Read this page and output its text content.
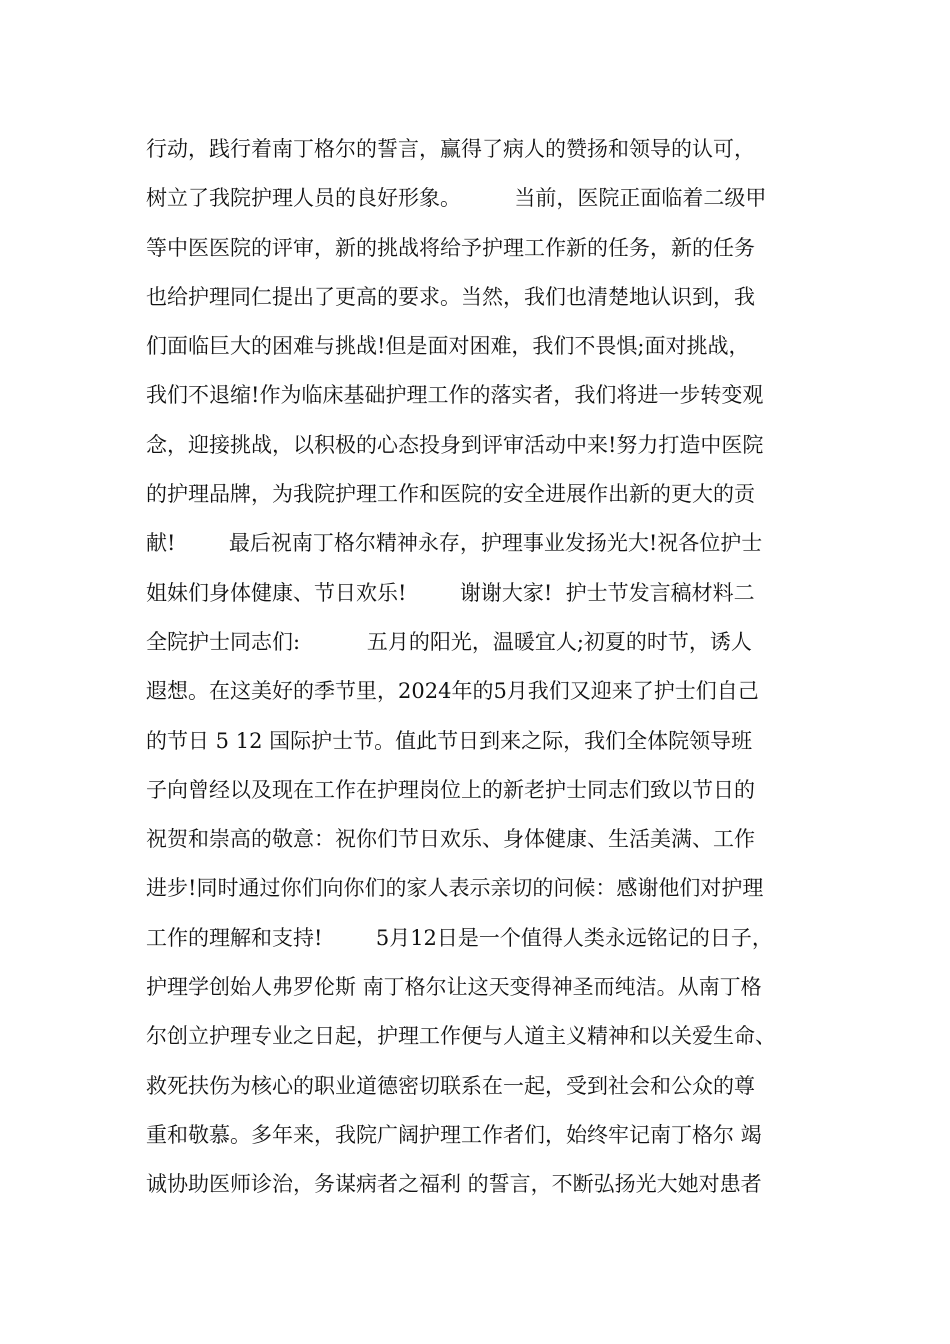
行动，践行着南丁格尔的誓言，赢得了病人的赞扬和领导的认可，
树立了我院护理人员的良好形象。        当前，医院正面临着二级甲
等中医医院的评审，新的挑战将给予护理工作新的任务，新的任务
也给护理同仁提出了更高的要求。当然，我们也清楚地认识到，我
们面临巨大的困难与挑战!但是面对困难，我们不畏惧;面对挑战，
我们不退缩!作为临床基础护理工作的落实者，我们将进一步转变观
念，迎接挑战，以积极的心态投身到评审活动中来!努力打造中医院
的护理品牌，为我院护理工作和医院的安全进展作出新的更大的贡
献!        最后祝南丁格尔精神永存，护理事业发扬光大!祝各位护士
姐妹们身体健康、节日欢乐!        谢谢大家!  护士节发言稿材料二
全院护士同志们:          五月的阳光，温暖宜人;初夏的时节，诱人
遐想。在这美好的季节里，2024年的5月我们又迎来了护士们自己
的节日 5 12 国际护士节。值此节日到来之际，我们全体院领导班
子向曾经以及现在工作在护理岗位上的新老护士同志们致以节日的
祝贺和崇高的敬意：祝你们节日欢乐、身体健康、生活美满、工作
进步!同时通过你们向你们的家人表示亲切的问候：感谢他们对护理
工作的理解和支持!        5月12日是一个值得人类永远铭记的日子，
护理学创始人弗罗伦斯 南丁格尔让这天变得神圣而纯洁。从南丁格
尔创立护理专业之日起，护理工作便与人道主义精神和以关爱生命、
救死扶伤为核心的职业道德密切联系在一起，受到社会和公众的尊
重和敬慕。多年来，我院广阔护理工作者们，始终牢记南丁格尔 竭
诚协助医师诊治，务谋病者之福利 的誓言，不断弘扬光大她对患者
